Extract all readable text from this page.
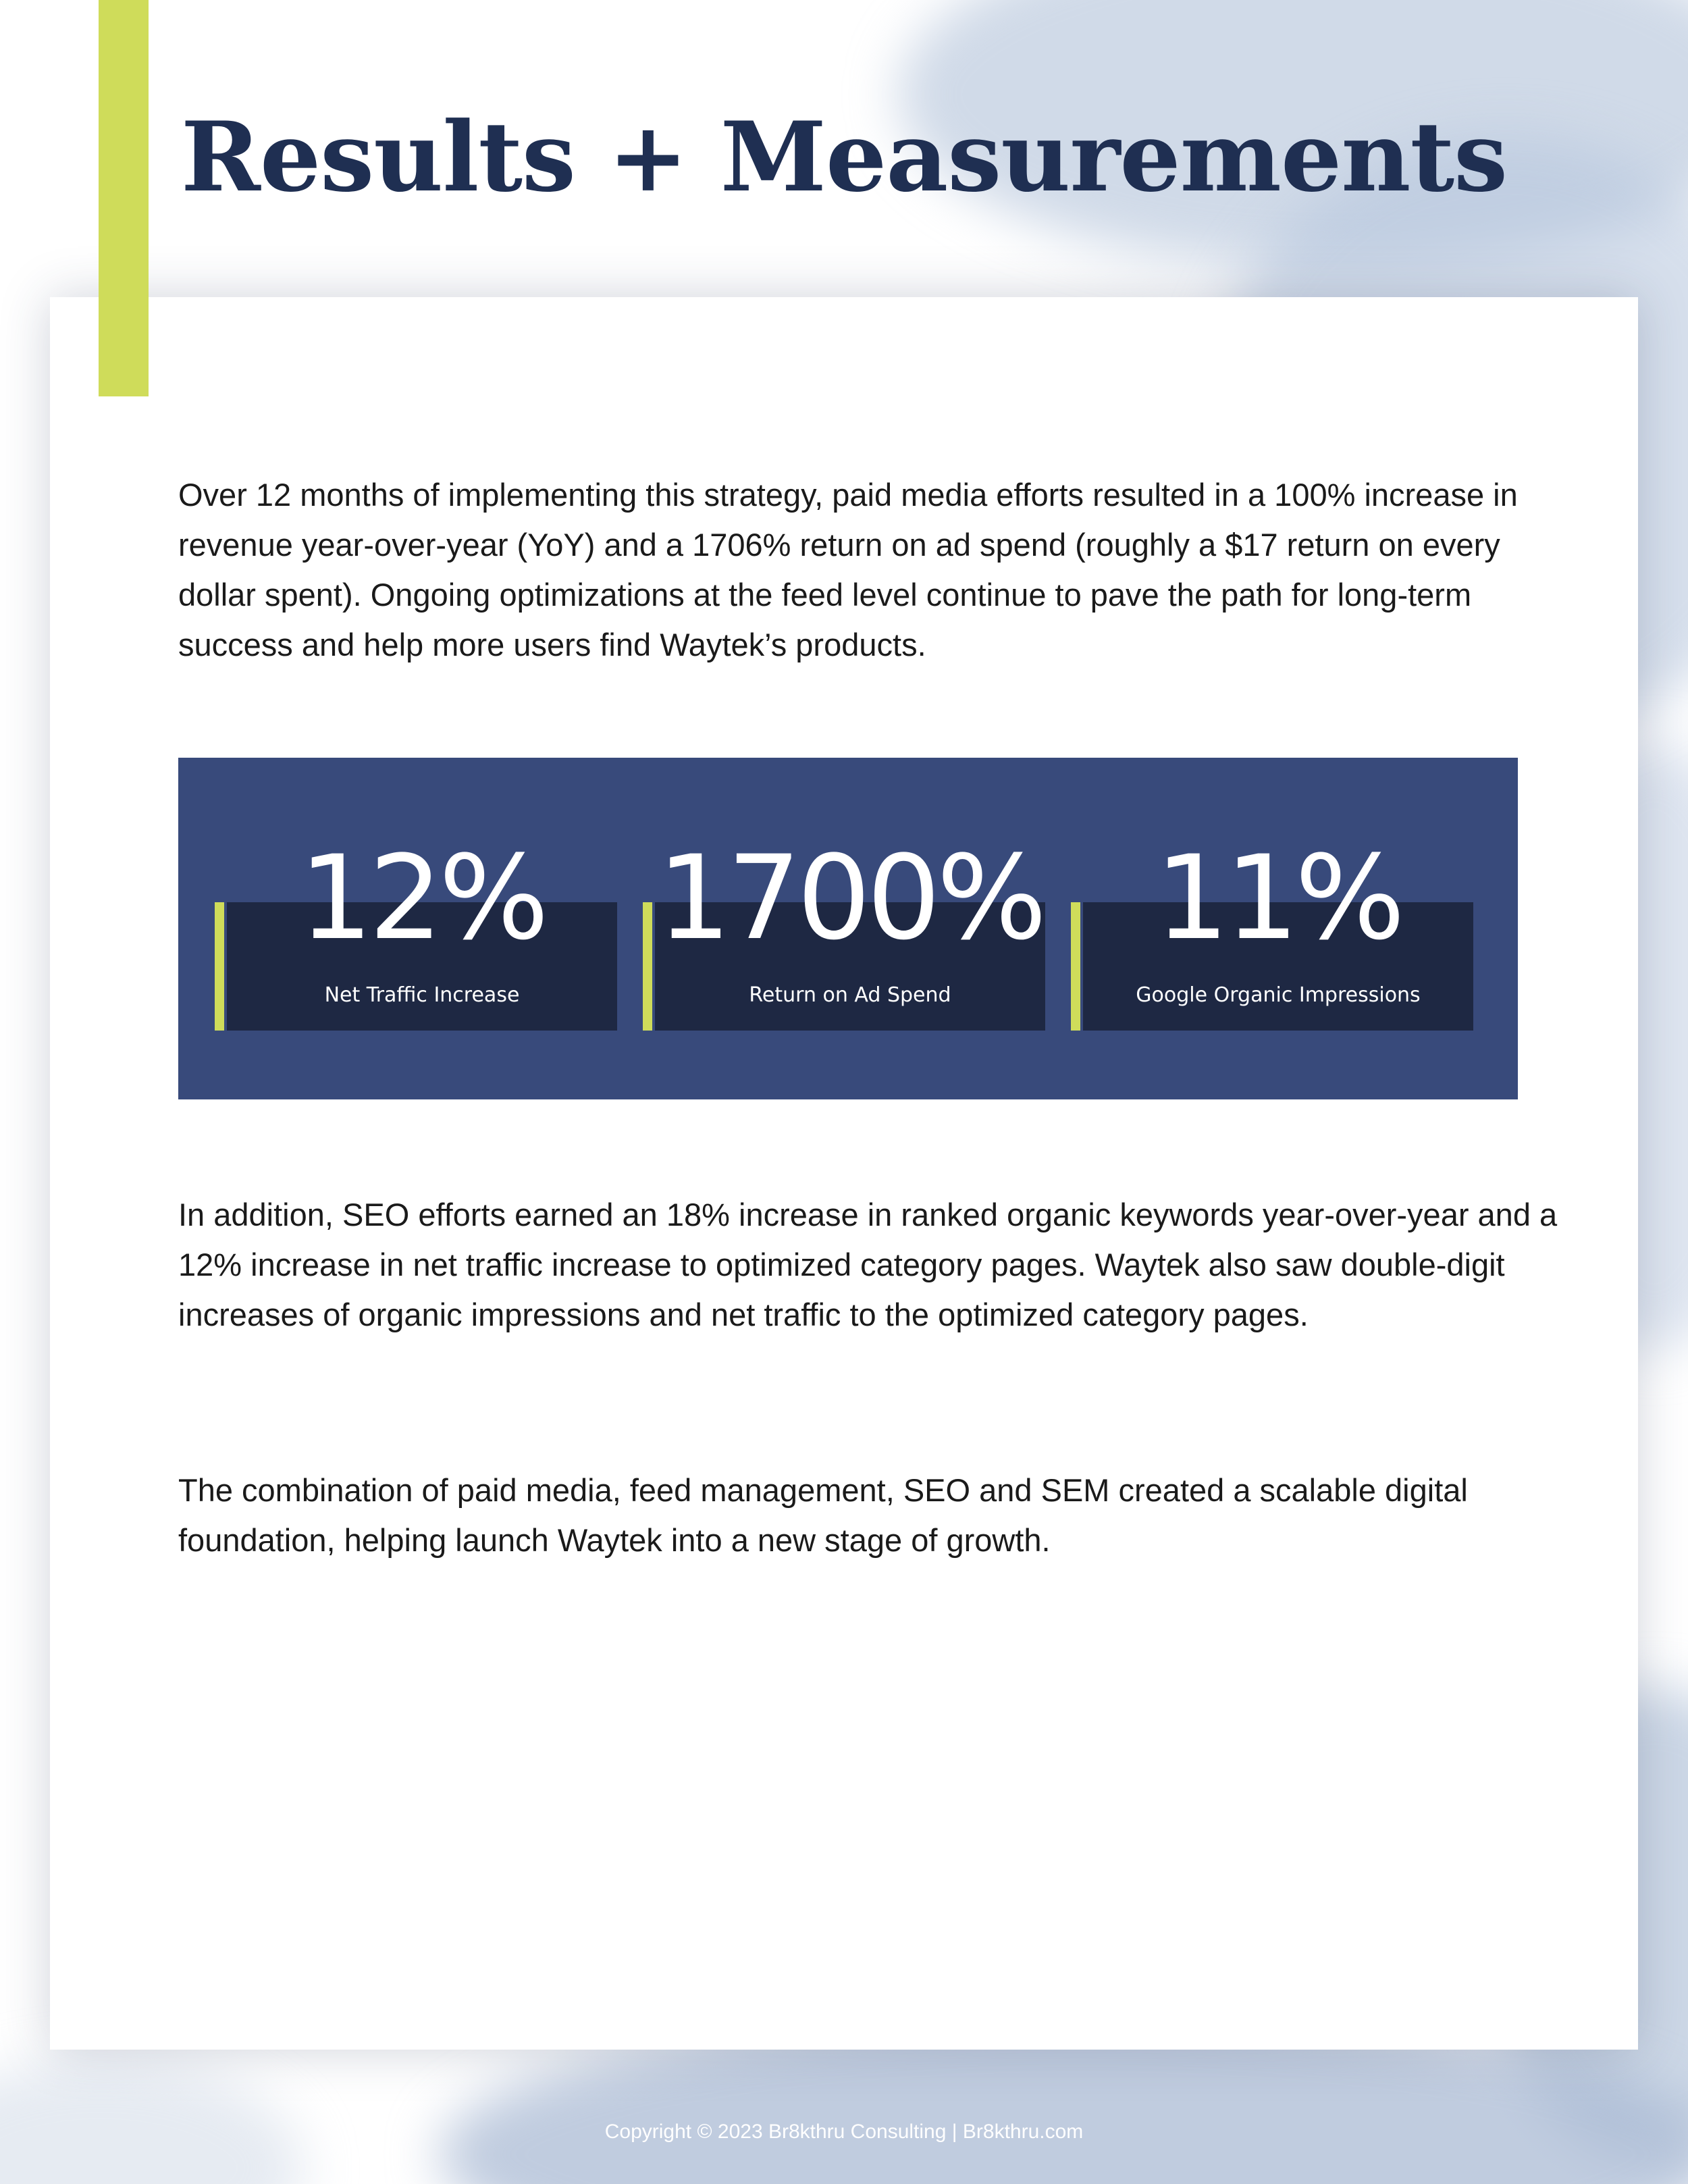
Results + Measurements

Over 12 months of implementing this strategy, paid media efforts resulted in a 100% increase in revenue year-over-year (YoY) and a 1706% return on ad spend (roughly a $17 return on every dollar spent). Ongoing optimizations at the feed level continue to pave the path for long-term success and help more users find Waytek’s products.

12%
Net Traffic Increase
1700%
Return on Ad Spend
11%
Google Organic Impressions

In addition, SEO efforts earned an 18% increase in ranked organic keywords year-over-year and a 12% increase in net traffic increase to optimized category pages. Waytek also saw double-digit increases of organic impressions and net traffic to the optimized category pages.

The combination of paid media, feed management, SEO and SEM created a scalable digital foundation, helping launch Waytek into a new stage of growth.

Copyright © 2023 Br8kthru Consulting | Br8kthru.com
